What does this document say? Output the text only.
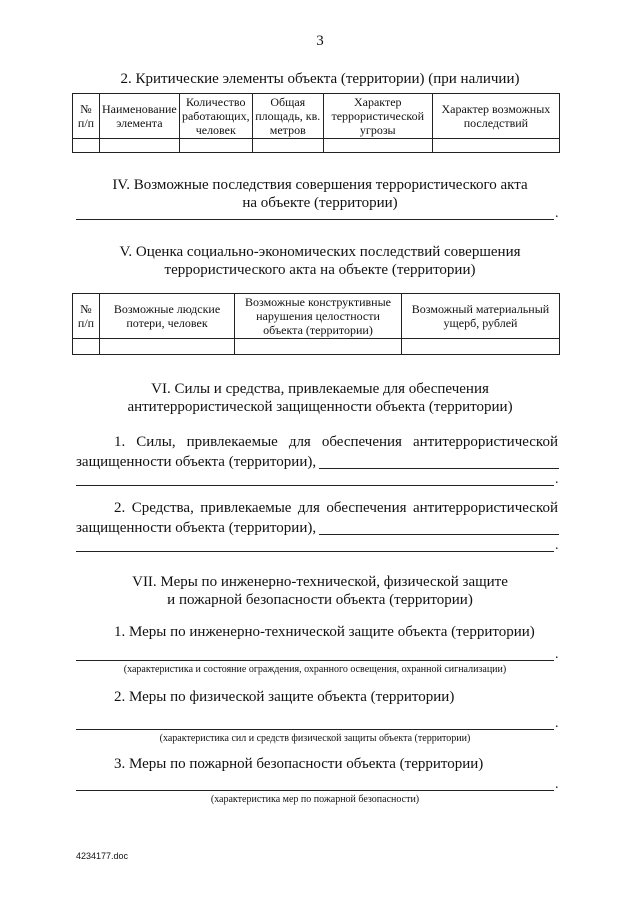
3
2. Критические элементы объекта (территории) (при наличии)
№ п/п	Наименование элемента	Количество работающих, человек	Общая площадь, кв. метров	Характер террористической угрозы	Характер возможных последствий

IV. Возможные последствия совершения террористического акта
на объекте (территории)
.
V. Оценка социально-экономических последствий совершения
террористического акта на объекте (территории)
№ п/п	Возможные людские потери, человек	Возможные конструктивные нарушения целостности объекта (территории)	Возможный материальный ущерб, рублей

VI. Силы и средства, привлекаемые для обеспечения
антитеррористической защищенности объекта (территории)
1. Силы, привлекаемые для обеспечения антитеррористической
защищенности объекта (территории),
.
2. Средства, привлекаемые для обеспечения антитеррористической
защищенности объекта (территории),
.
VII. Меры по инженерно-технической, физической защите
и пожарной безопасности объекта (территории)
1. Меры по инженерно-технической защите объекта (территории)
.
(характеристика и состояние ограждения, охранного освещения, охранной сигнализации)
2. Меры по физической защите объекта (территории)
.
(характеристика сил и средств физической защиты объекта (территории)
3. Меры по пожарной безопасности объекта (территории)
.
(характеристика мер по пожарной безопасности)
4234177.doc
